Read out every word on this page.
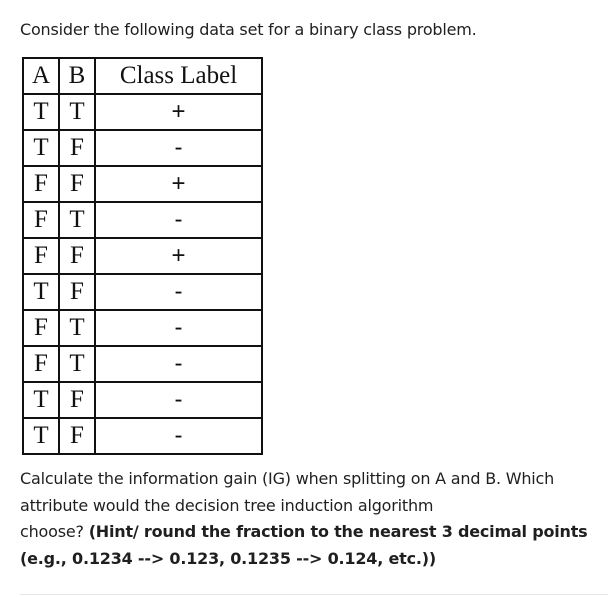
Consider the following data set for a binary class problem.
A	B	Class Label
T	T	+
T	F	-
F	F	+
F	T	-
F	F	+
T	F	-
F	T	-
F	T	-
T	F	-
T	F	-
Calculate the information gain (IG) when splitting on A and B. Which
attribute would the decision tree induction algorithm
choose? (Hint/ round the fraction to the nearest 3 decimal points
(e.g., 0.1234 --> 0.123, 0.1235 --> 0.124, etc.))
